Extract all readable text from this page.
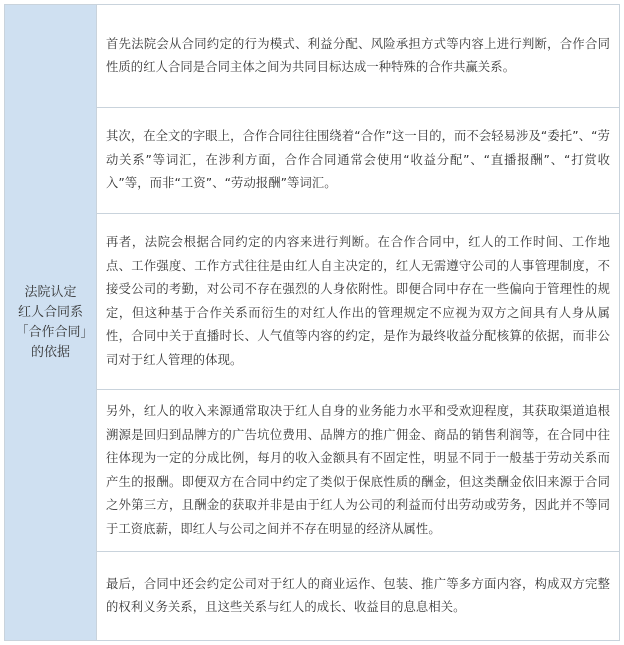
法院认定
红人合同系
「合作合同」
的依据

首先法院会从合同约定的行为模式、利益分配、风险承担方式等内容上进行判断，合作合同性质的红人合同是合同主体之间为共同目标达成一种特殊的合作共赢关系。

其次，在全文的字眼上，合作合同往往围绕着“合作”这一目的，而不会轻易涉及“委托”、“劳动关系”等词汇，在涉利方面，合作合同通常会使用“收益分配”、“直播报酬”、“打赏收入”等，而非“工资”、“劳动报酬”等词汇。

再者，法院会根据合同约定的内容来进行判断。在合作合同中，红人的工作时间、工作地点、工作强度、工作方式往往是由红人自主决定的，红人无需遵守公司的人事管理制度，不接受公司的考勤，对公司不存在强烈的人身依附性。即便合同中存在一些偏向于管理性的规定，但这种基于合作关系而衍生的对红人作出的管理规定不应视为双方之间具有人身从属性，合同中关于直播时长、人气值等内容的约定，是作为最终收益分配核算的依据，而非公司对于红人管理的体现。

另外，红人的收入来源通常取决于红人自身的业务能力水平和受欢迎程度，其获取渠道追根溯源是回归到品牌方的广告坑位费用、品牌方的推广佣金、商品的销售利润等，在合同中往往体现为一定的分成比例，每月的收入金额具有不固定性，明显不同于一般基于劳动关系而产生的报酬。即便双方在合同中约定了类似于保底性质的酬金，但这类酬金依旧来源于合同之外第三方，且酬金的获取并非是由于红人为公司的利益而付出劳动或劳务，因此并不等同于工资底薪，即红人与公司之间并不存在明显的经济从属性。

最后，合同中还会约定公司对于红人的商业运作、包装、推广等多方面内容，构成双方完整的权利义务关系，且这些关系与红人的成长、收益目的息息相关。
